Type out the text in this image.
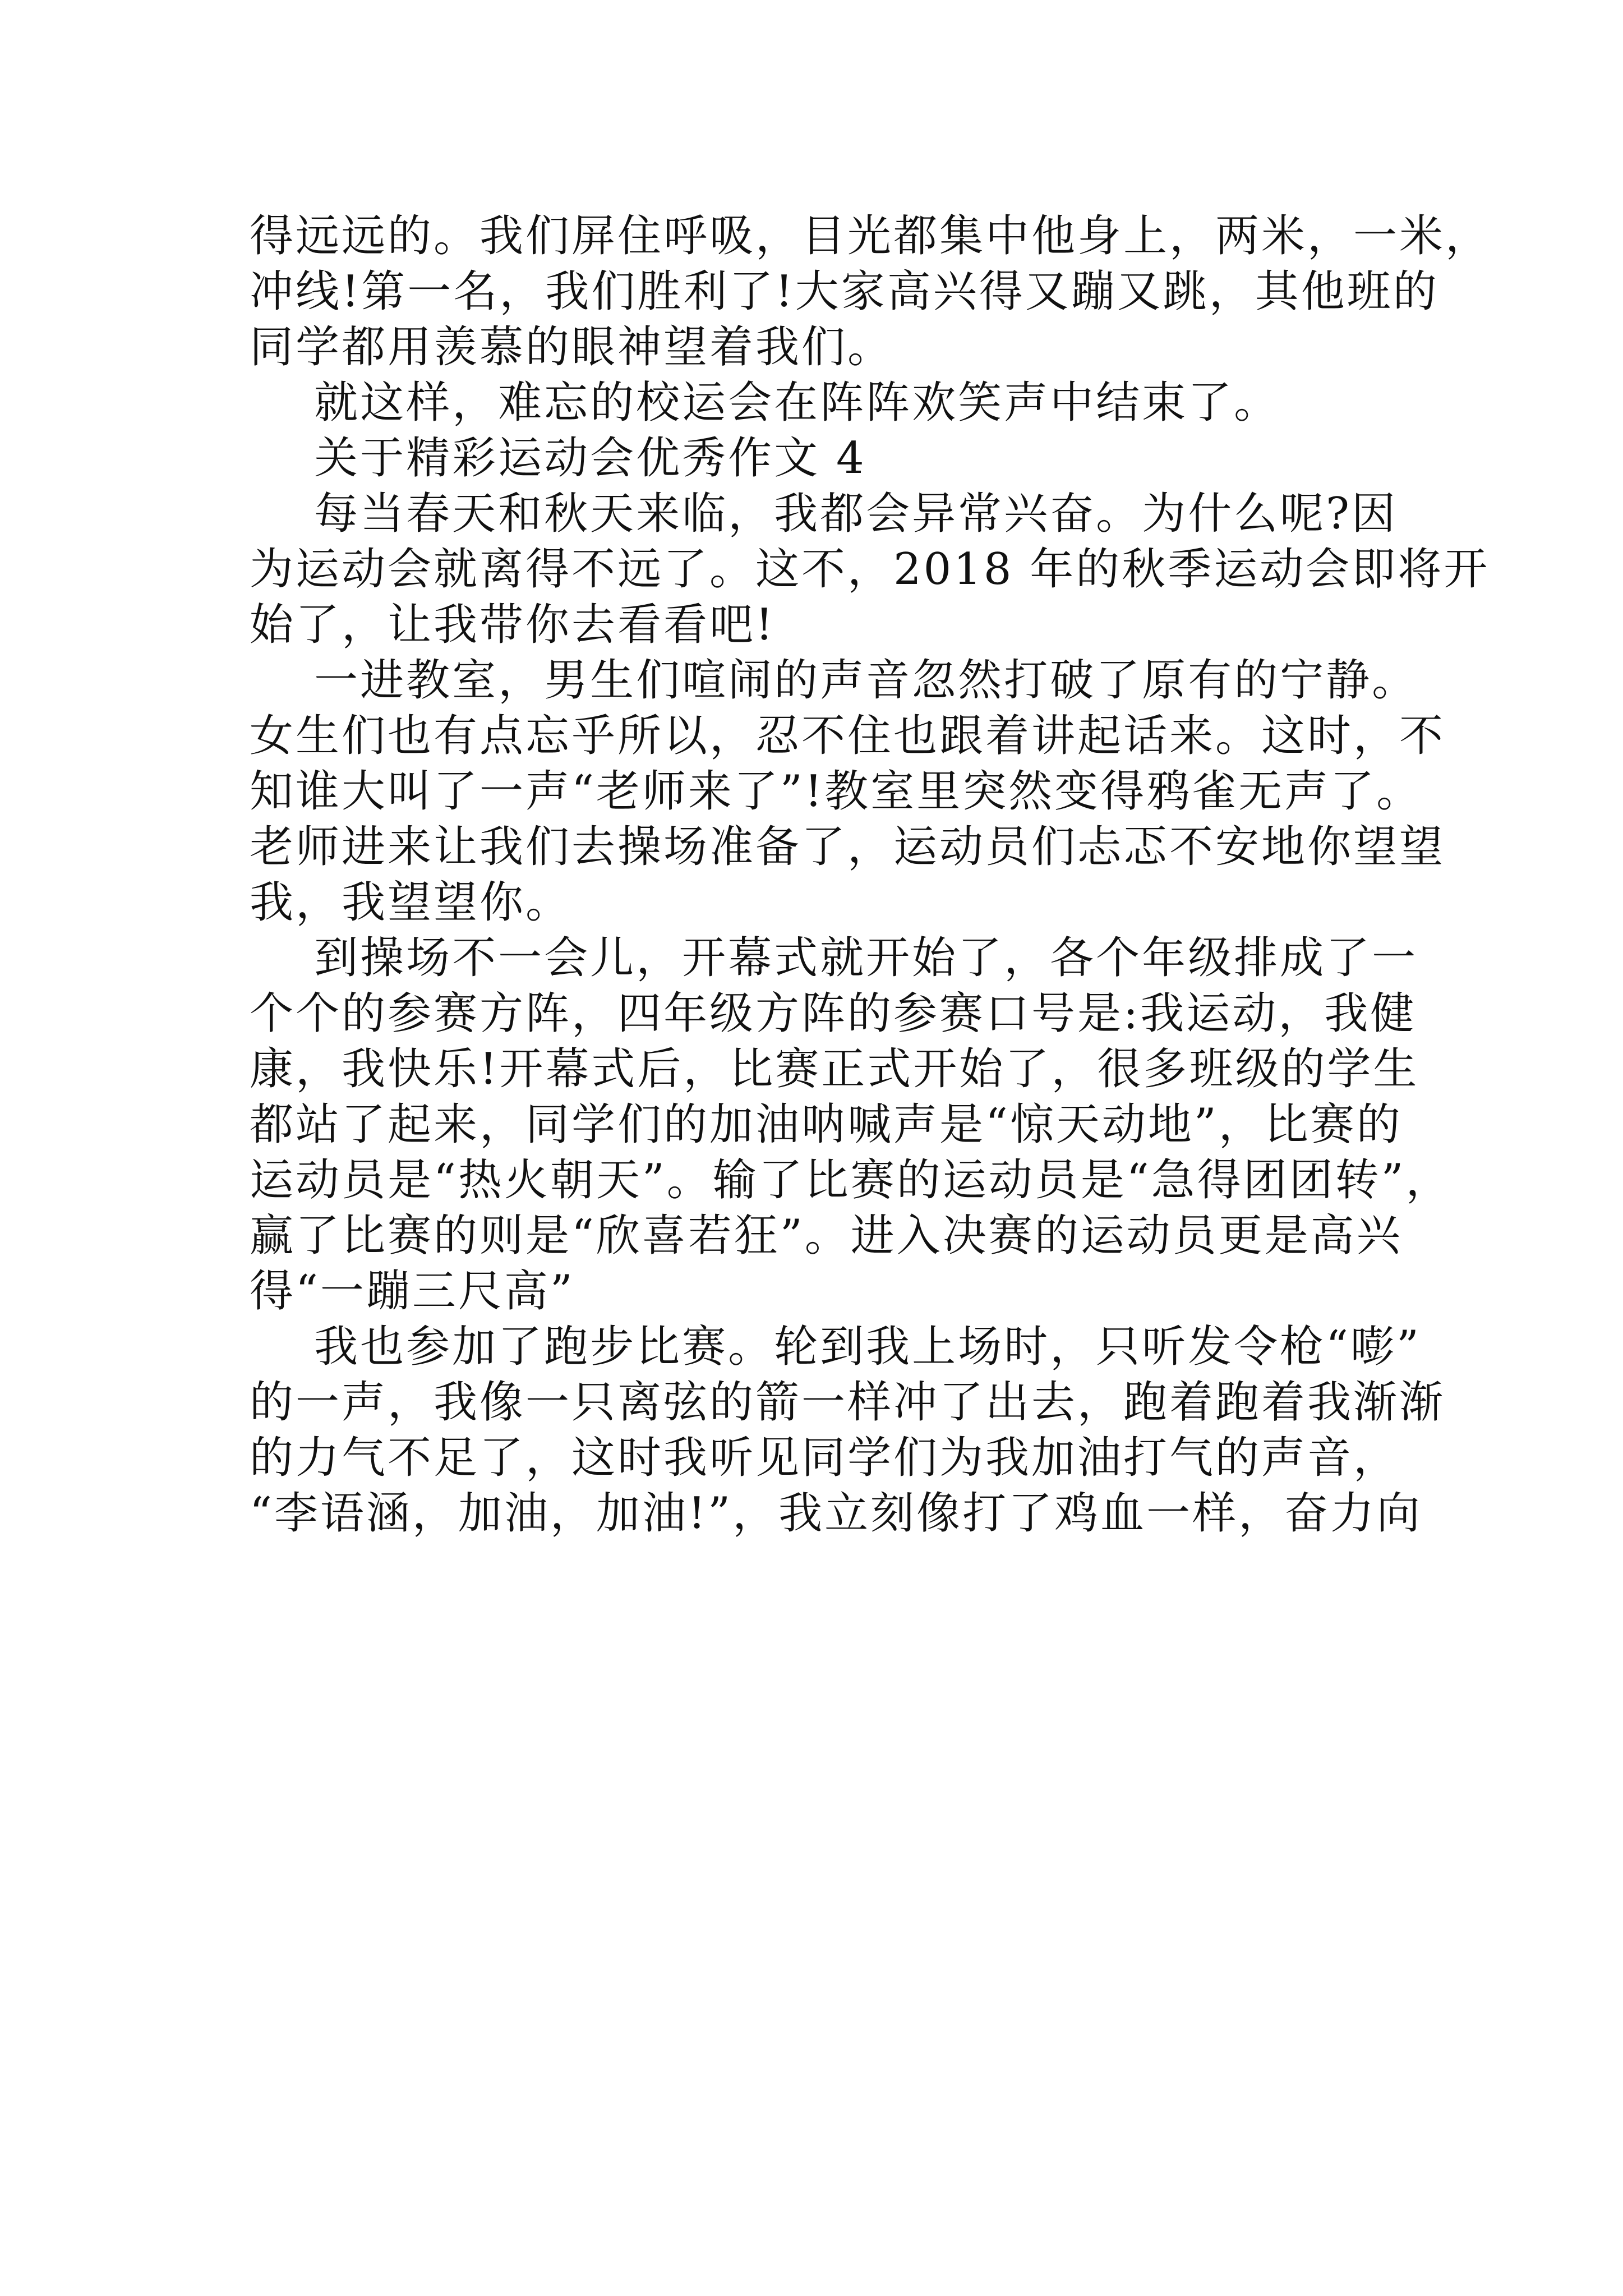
得远远的。我们屏住呼吸，目光都集中他身上，两米，一米，
冲线!第一名，我们胜利了!大家高兴得又蹦又跳，其他班的
同学都用羡慕的眼神望着我们。
就这样，难忘的校运会在阵阵欢笑声中结束了。
关于精彩运动会优秀作文 4
每当春天和秋天来临，我都会异常兴奋。为什么呢?因
为运动会就离得不远了。这不，2018 年的秋季运动会即将开
始了，让我带你去看看吧!
一进教室，男生们喧闹的声音忽然打破了原有的宁静。
女生们也有点忘乎所以，忍不住也跟着讲起话来。这时，不
知谁大叫了一声“老师来了”!教室里突然变得鸦雀无声了。
老师进来让我们去操场准备了，运动员们忐忑不安地你望望
我，我望望你。
到操场不一会儿，开幕式就开始了，各个年级排成了一
个个的参赛方阵，四年级方阵的参赛口号是:我运动，我健
康，我快乐!开幕式后，比赛正式开始了，很多班级的学生
都站了起来，同学们的加油呐喊声是“惊天动地”，比赛的
运动员是“热火朝天”。输了比赛的运动员是“急得团团转”，
赢了比赛的则是“欣喜若狂”。进入决赛的运动员更是高兴
得“一蹦三尺高”
我也参加了跑步比赛。轮到我上场时，只听发令枪“嘭”
的一声，我像一只离弦的箭一样冲了出去，跑着跑着我渐渐
的力气不足了，这时我听见同学们为我加油打气的声音，
“李语涵，加油，加油!”，我立刻像打了鸡血一样，奋力向
